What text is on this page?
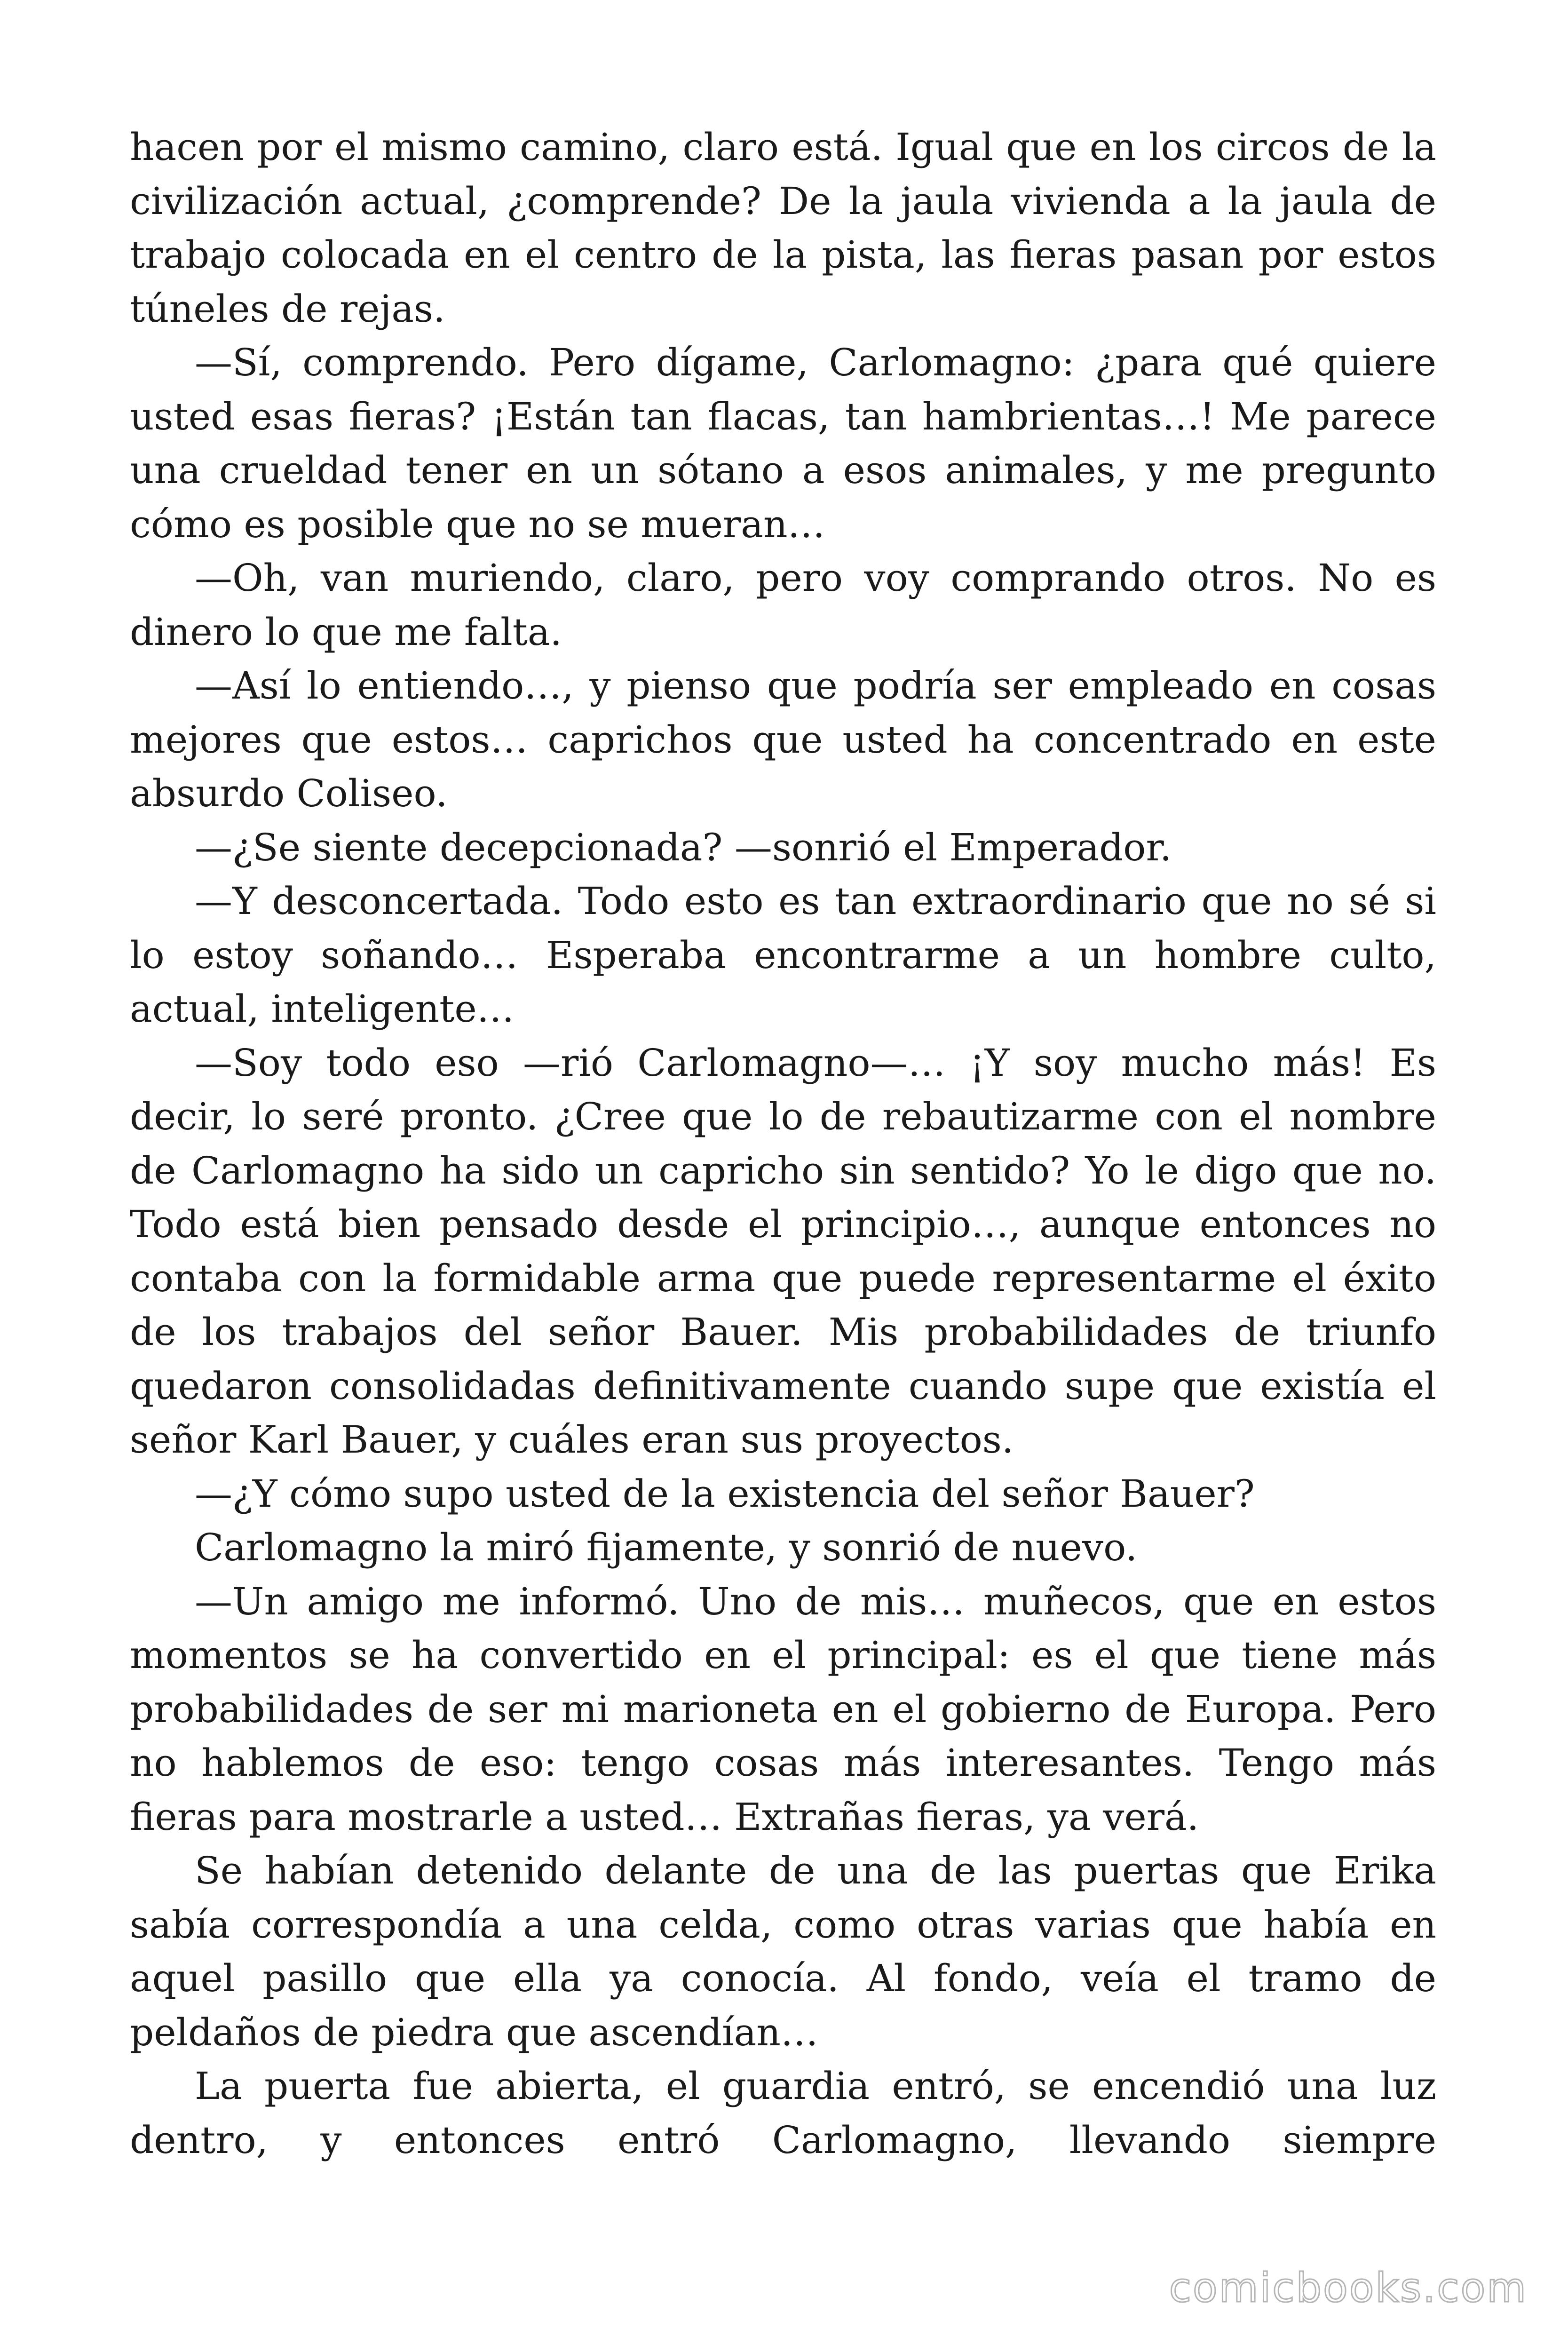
hacen por el mismo camino, claro está. Igual que en los circos de la civilización actual, ¿comprende? De la jaula vivienda a la jaula de trabajo colocada en el centro de la pista, las fieras pasan por estos túneles de rejas.

—Sí, comprendo. Pero dígame, Carlomagno: ¿para qué quiere usted esas fieras? ¡Están tan flacas, tan hambrientas…! Me parece una crueldad tener en un sótano a esos animales, y me pregunto cómo es posible que no se mueran…

—Oh, van muriendo, claro, pero voy comprando otros. No es dinero lo que me falta.

—Así lo entiendo…, y pienso que podría ser empleado en cosas mejores que estos… caprichos que usted ha concentrado en este absurdo Coliseo.

—¿Se siente decepcionada? —sonrió el Emperador.

—Y desconcertada. Todo esto es tan extraordinario que no sé si lo estoy soñando… Esperaba encontrarme a un hombre culto, actual, inteligente…

—Soy todo eso —rió Carlomagno—… ¡Y soy mucho más! Es decir, lo seré pronto. ¿Cree que lo de rebautizarme con el nombre de Carlomagno ha sido un capricho sin sentido? Yo le digo que no. Todo está bien pensado desde el principio…, aunque entonces no contaba con la formidable arma que puede representarme el éxito de los trabajos del señor Bauer. Mis probabilidades de triunfo quedaron consolidadas definitivamente cuando supe que existía el señor Karl Bauer, y cuáles eran sus proyectos.

—¿Y cómo supo usted de la existencia del señor Bauer?

Carlomagno la miró fijamente, y sonrió de nuevo.

—Un amigo me informó. Uno de mis… muñecos, que en estos momentos se ha convertido en el principal: es el que tiene más probabilidades de ser mi marioneta en el gobierno de Europa. Pero no hablemos de eso: tengo cosas más interesantes. Tengo más fieras para mostrarle a usted… Extrañas fieras, ya verá.

Se habían detenido delante de una de las puertas que Erika sabía correspondía a una celda, como otras varias que había en aquel pasillo que ella ya conocía. Al fondo, veía el tramo de peldaños de piedra que ascendían…

La puerta fue abierta, el guardia entró, se encendió una luz dentro, y entonces entró Carlomagno, llevando siempre

comicbooks.com
